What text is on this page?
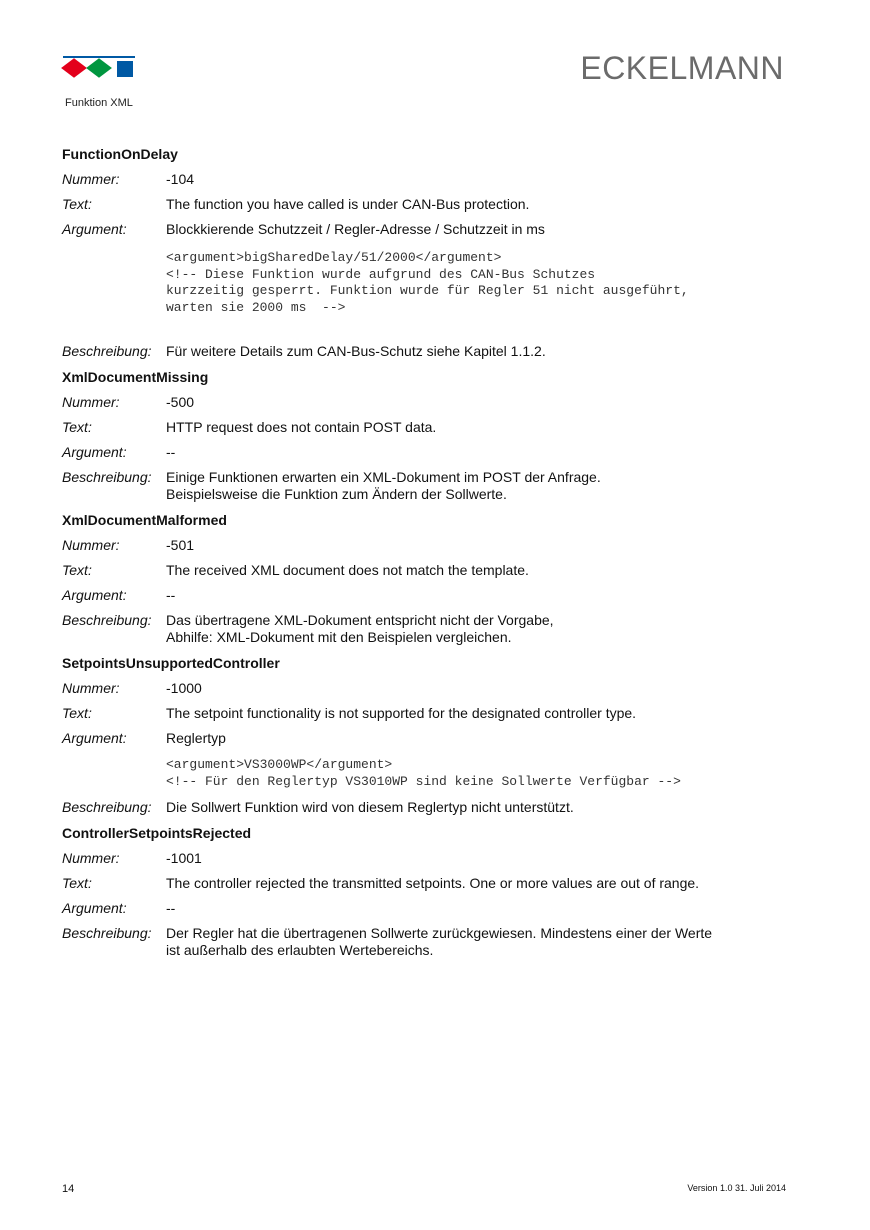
ECKELMANN
Funktion XML
FunctionOnDelay
Nummer:	-104
Text:	The function you have called is under CAN-Bus protection.
Argument:	Blockkierende Schutzzeit / Regler-Adresse / Schutzzeit in ms
<argument>bigSharedDelay/51/2000</argument>
<!-- Diese Funktion wurde aufgrund des CAN-Bus Schutzes
kurzzeitig gesperrt. Funktion wurde für Regler 51 nicht ausgeführt,
warten sie 2000 ms  -->
Beschreibung:	Für weitere Details zum CAN-Bus-Schutz siehe Kapitel 1.1.2.
XmlDocumentMissing
Nummer:	-500
Text:	HTTP request does not contain POST data.
Argument:	--
Beschreibung:	Einige Funktionen erwarten ein XML-Dokument im POST der Anfrage.
Beispielsweise die Funktion zum Ändern der Sollwerte.
XmlDocumentMalformed
Nummer:	-501
Text:	The received XML document does not match the template.
Argument:	--
Beschreibung:	Das übertragene XML-Dokument entspricht nicht der Vorgabe,
Abhilfe: XML-Dokument mit den Beispielen vergleichen.
SetpointsUnsupportedController
Nummer:	-1000
Text:	The setpoint functionality is not supported for the designated controller type.
Argument:	Reglertyp
<argument>VS3000WP</argument>
<!-- Für den Reglertyp VS3010WP sind keine Sollwerte Verfügbar -->
Beschreibung:	Die Sollwert Funktion wird von diesem Reglertyp nicht unterstützt.
ControllerSetpointsRejected
Nummer:	-1001
Text:	The controller rejected the transmitted setpoints. One or more values are out of range.
Argument:	--
Beschreibung:	Der Regler hat die übertragenen Sollwerte zurückgewiesen. Mindestens einer der Werte
ist außerhalb des erlaubten Wertebereichs.
14	Version 1.0 31. Juli 2014
